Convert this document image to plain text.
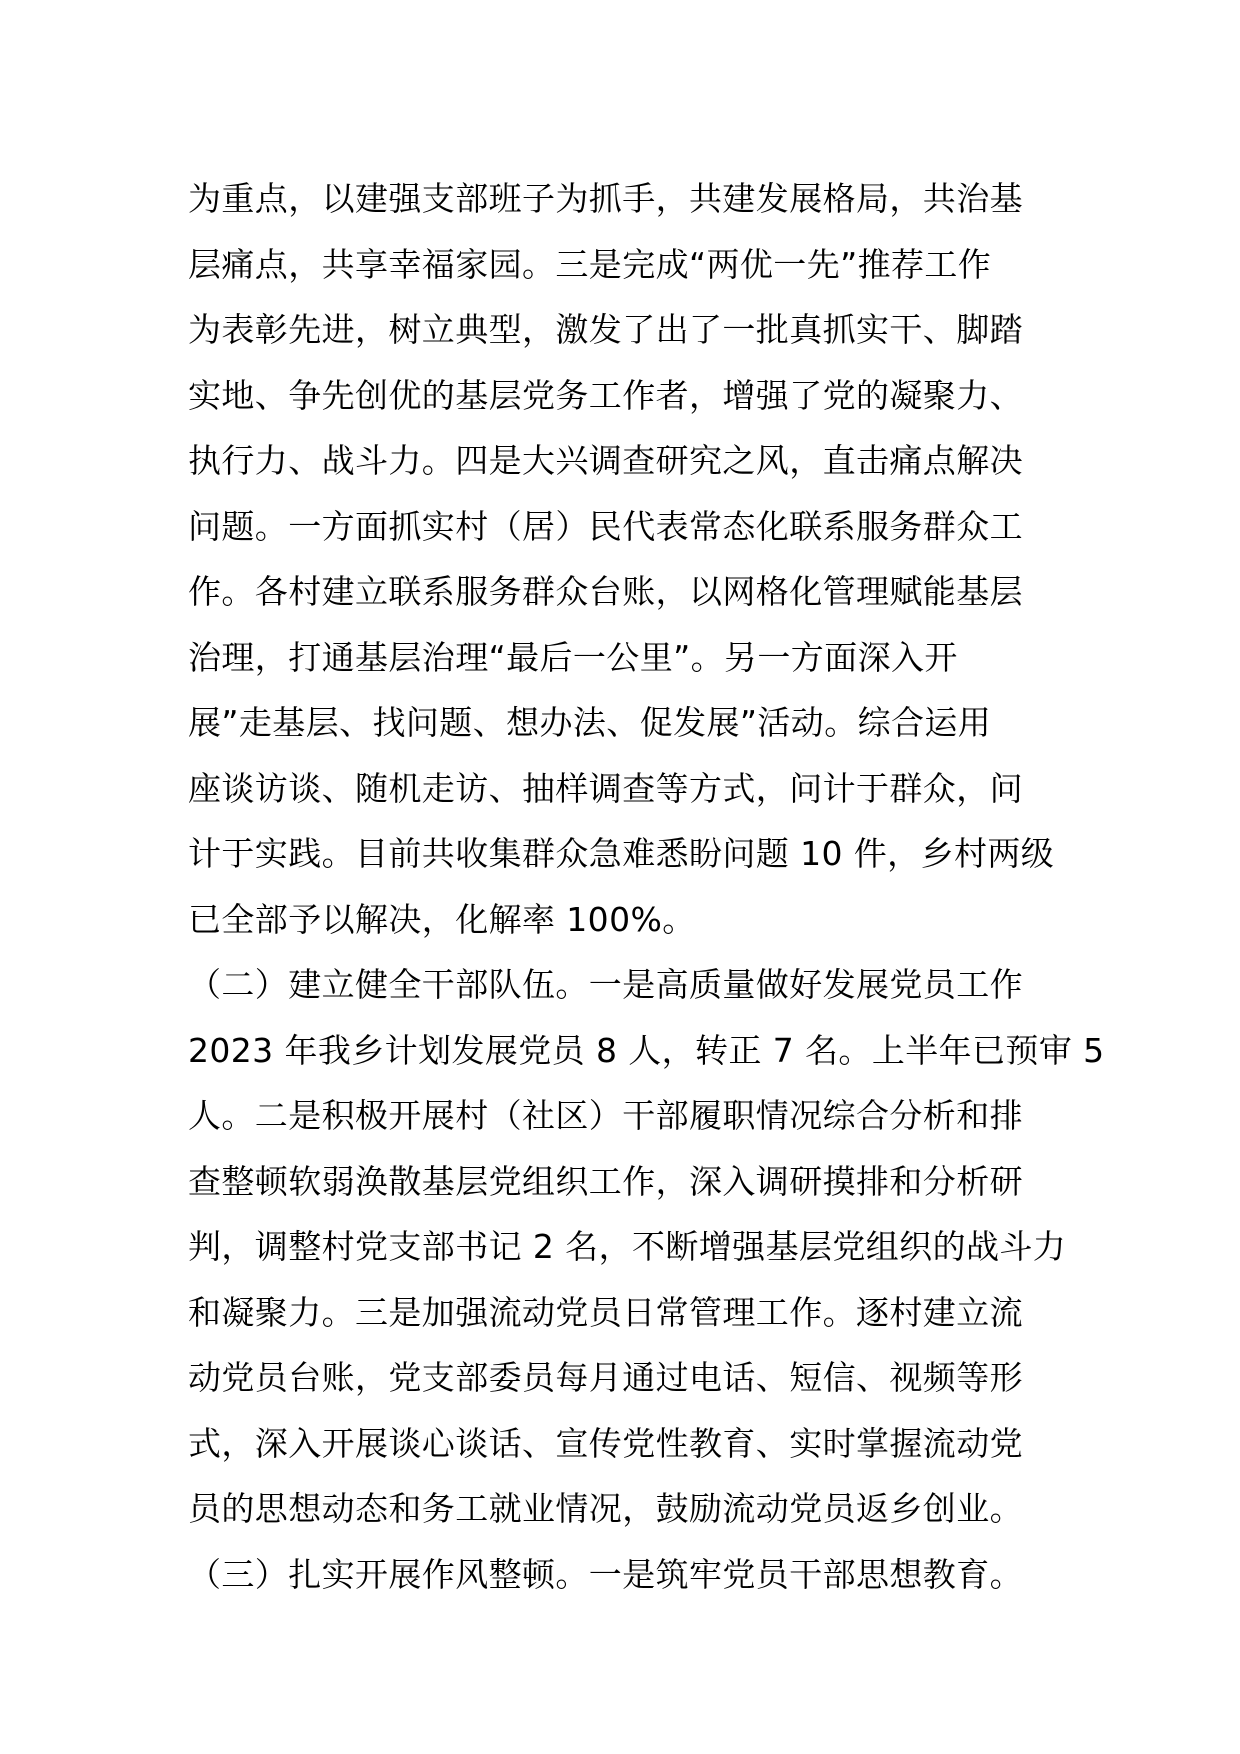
为重点，以建强支部班子为抓手，共建发展格局，共治基
层痛点，共享幸福家园。三是完成“两优一先”推荐工作
为表彰先进，树立典型，激发了出了一批真抓实干、脚踏
实地、争先创优的基层党务工作者，增强了党的凝聚力、
执行力、战斗力。四是大兴调查研究之风，直击痛点解决
问题。一方面抓实村（居）民代表常态化联系服务群众工
作。各村建立联系服务群众台账，以网格化管理赋能基层
治理，打通基层治理“最后一公里”。另一方面深入开
展”走基层、找问题、想办法、促发展”活动。综合运用
座谈访谈、随机走访、抽样调查等方式，问计于群众，问
计于实践。目前共收集群众急难悉盼问题 10 件，乡村两级
已全部予以解决，化解率 100%。
（二）建立健全干部队伍。一是高质量做好发展党员工作
2023 年我乡计划发展党员 8 人，转正 7 名。上半年已预审 5
人。二是积极开展村（社区）干部履职情况综合分析和排
查整顿软弱涣散基层党组织工作，深入调研摸排和分析研
判，调整村党支部书记 2 名，不断增强基层党组织的战斗力
和凝聚力。三是加强流动党员日常管理工作。逐村建立流
动党员台账，党支部委员每月通过电话、短信、视频等形
式，深入开展谈心谈话、宣传党性教育、实时掌握流动党
员的思想动态和务工就业情况，鼓励流动党员返乡创业。
（三）扎实开展作风整顿。一是筑牢党员干部思想教育。
